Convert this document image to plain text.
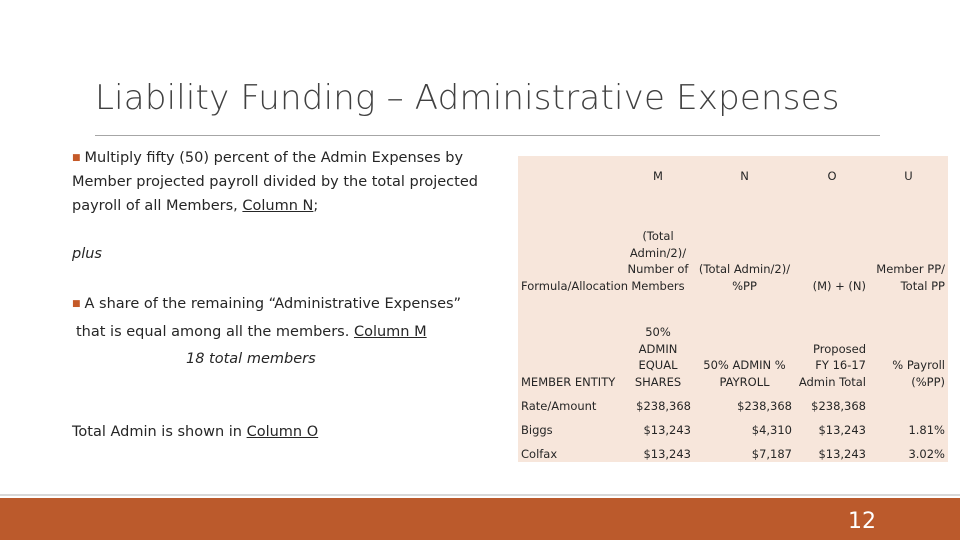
Liability Funding – Administrative Expenses
■ Multiply fifty (50) percent of the Admin Expenses by Member projected payroll divided by the total projected payroll of all Members, Column N;
plus
■ A share of the remaining “Administrative Expenses”
that is equal among all the members. Column M
18 total members
Total Admin is shown in Column O
	M	N	O	U
Formula/Allocation	(Total Admin/2)/ Number of Members	(Total Admin/2)/ %PP	(M) + (N)	Member PP/ Total PP
MEMBER ENTITY	50% ADMIN EQUAL SHARES	50% ADMIN % PAYROLL	Proposed FY 16-17 Admin Total	% Payroll (%PP)
Rate/Amount	$238,368	$238,368	$238,368	
Biggs	$13,243	$4,310	$13,243	1.81%
Colfax	$13,243	$7,187	$13,243	3.02%
12
